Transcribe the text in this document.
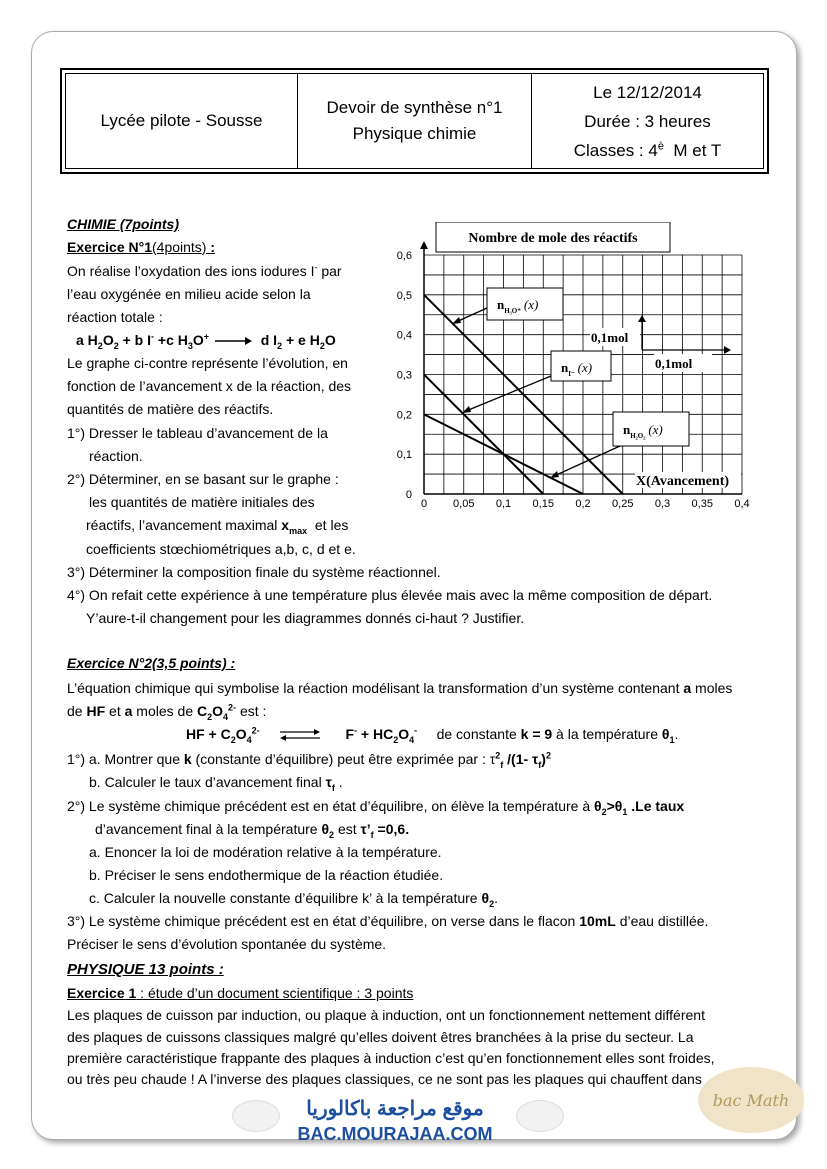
Lycée pilote - Sousse
Devoir de synthèse n°1
Physique chimie
Le 12/12/2014
Durée : 3 heures
Classes : $4^è$  M et T
CHIMIE (7points)
Exercice N°1(4points) :
On réalise l’oxydation des ions iodures I- par
l’eau oxygénée en milieu acide selon la
réaction totale :
a $H_2O_2 + b$ I- +c $H_3O^+ \to d$ $I_2 + e$ $H_2O$
Le graphe ci-contre représente l’évolution, en
fonction de l’avancement x de la réaction, des
quantités de matière des réactifs.
1°) Dresser le tableau d’avancement de la
réaction.
2°) Déterminer, en se basant sur le graphe :
les quantités de matière initiales des
réactifs, l’avancement maximal $x_{max}$  et les
coefficients stœchiométriques a,b, c, d et e.
3°) Déterminer la composition finale du système réactionnel.
4°) On refait cette expérience à une température plus élevée mais avec la même composition de départ.
Y’aure-t-il changement pour les diagrammes donnés ci-haut ? Justifier.
0 0,05 0,1 0,15 0,2 0,25 0,3 0,35 0,4
0
0,1
0,2
0,3
0,4
0,5
0,6
Nombre de mole des réactifs
0,1mol
0,1mol
$n_{H_3O^+}$ (x)
$n_{I^-}$ (x)
$n_{H_2O_2}$ (x)
X(Avancement)
Exercice N°2(3,5 points) :
L’équation chimique qui symbolise la réaction modélisant la transformation d’un système contenant a moles
de HF et a moles de $C_2O_4^{2-}$ est :
HF + $C_2O_4^{2-}$ ⇌ $F^- + HC_2O_4^-$ de constante k = 9 à la température $\theta_1$.
1°) a. Montrer que k (constante d’équilibre) peut être exprimée par : $\tau^2_f$ /(1- $\tau_f)^2$
b. Calculer le taux d’avancement final $\tau_f$ .
2°) Le système chimique précédent est en état d’équilibre, on élève la température à $\theta_2>\theta_1$ .Le taux
d’avancement final à la température $\theta_2$ est $\tau’_f =0,6$.
a. Enoncer la loi de modération relative à la température.
b. Préciser le sens endothermique de la réaction étudiée.
c. Calculer la nouvelle constante d’équilibre k’ à la température $\theta_2$.
3°) Le système chimique précédent est en état d’équilibre, on verse dans le flacon 10mL d’eau distillée.
Préciser le sens d’évolution spontanée du système.
PHYSIQUE 13 points :
Exercice 1 : étude d’un document scientifique : 3 points
Les plaques de cuisson par induction, ou plaque à induction, ont un fonctionnement nettement différent
des plaques de cuissons classiques malgré qu’elles doivent êtres branchées à la prise du secteur. La
première caractéristique frappante des plaques à induction c’est qu’en fonctionnement elles sont froides,
ou très peu chaude ! A l’inverse des plaques classiques, ce ne sont pas les plaques qui chauffent dans
موقع مراجعة باكالوريا
BAC.MOURAJAA.COM
bac Math
